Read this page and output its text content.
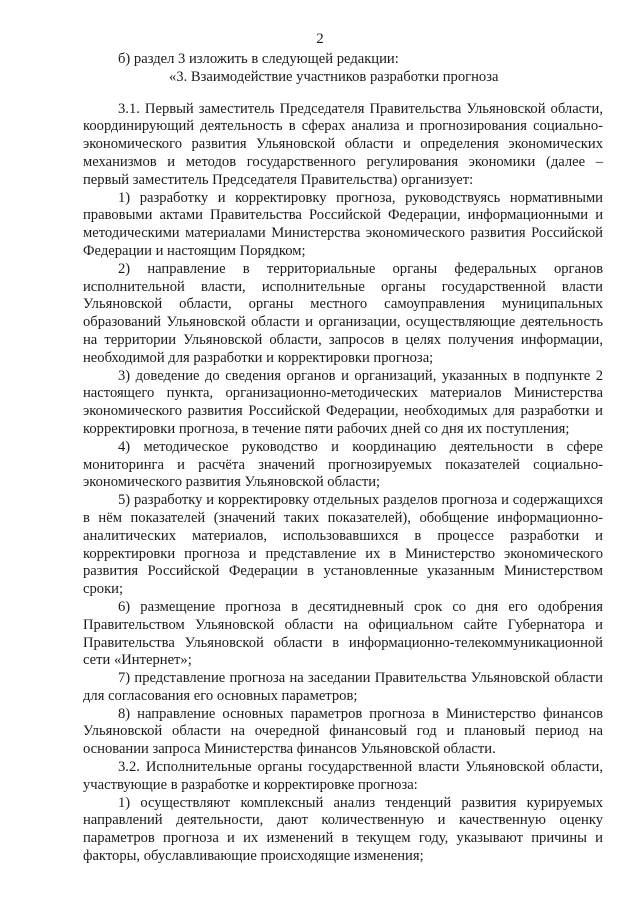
2

б) раздел 3 изложить в следующей редакции:

«3. Взаимодействие участников разработки прогноза

3.1. Первый заместитель Председателя Правительства Ульяновской области, координирующий деятельность в сферах анализа и прогнозирования социально-экономического развития Ульяновской области и определения экономических механизмов и методов государственного регулирования экономики (далее – первый заместитель Председателя Правительства) организует:

1) разработку и корректировку прогноза, руководствуясь нормативными правовыми актами Правительства Российской Федерации, информационными и методическими материалами Министерства экономического развития Российской Федерации и настоящим Порядком;

2) направление в территориальные органы федеральных органов исполнительной власти, исполнительные органы государственной власти Ульяновской области, органы местного самоуправления муниципальных образований Ульяновской области и организации, осуществляющие деятельность на территории Ульяновской области, запросов в целях получения информации, необходимой для разработки и корректировки прогноза;

3) доведение до сведения органов и организаций, указанных в подпункте 2 настоящего пункта, организационно-методических материалов Министерства экономического развития Российской Федерации, необходимых для разработки и корректировки прогноза, в течение пяти рабочих дней со дня их поступления;

4) методическое руководство и координацию деятельности в сфере мониторинга и расчёта значений прогнозируемых показателей социально-экономического развития Ульяновской области;

5) разработку и корректировку отдельных разделов прогноза и содержащихся в нём показателей (значений таких показателей), обобщение информационно-аналитических материалов, использовавшихся в процессе разработки и корректировки прогноза и представление их в Министерство экономического развития Российской Федерации в установленные указанным Министерством сроки;

6) размещение прогноза в десятидневный срок со дня его одобрения Правительством Ульяновской области на официальном сайте Губернатора и Правительства Ульяновской области в информационно-телекоммуникационной сети «Интернет»;

7) представление прогноза на заседании Правительства Ульяновской области для согласования его основных параметров;

8) направление основных параметров прогноза в Министерство финансов Ульяновской области на очередной финансовый год и плановый период на основании запроса Министерства финансов Ульяновской области.

3.2. Исполнительные органы государственной власти Ульяновской области, участвующие в разработке и корректировке прогноза:

1) осуществляют комплексный анализ тенденций развития курируемых направлений деятельности, дают количественную и качественную оценку параметров прогноза и их изменений в текущем году, указывают причины и факторы, обуславливающие происходящие изменения;
